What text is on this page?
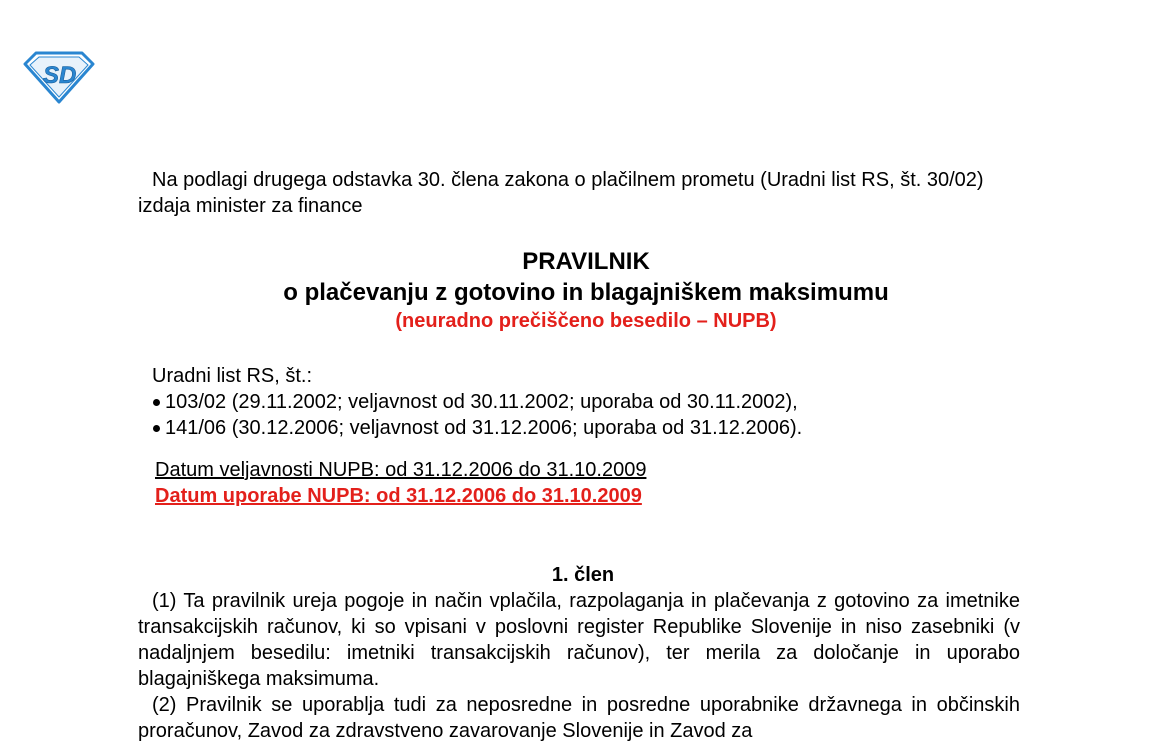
SD

Na podlagi drugega odstavka 30. člena zakona o plačilnem prometu (Uradni list RS, št. 30/02) izdaja minister za finance

PRAVILNIK

o plačevanju z gotovino in blagajniškem maksimumu

(neuradno prečiščeno besedilo – NUPB)

Uradni list RS, št.:

103/02 (29.11.2002; veljavnost od 30.11.2002; uporaba od 30.11.2002),
141/06 (30.12.2006; veljavnost od 31.12.2006; uporaba od 31.12.2006).

Datum veljavnosti NUPB: od 31.12.2006 do 31.10.2009

Datum uporabe NUPB: od 31.12.2006 do 31.10.2009

1. člen

(1) Ta pravilnik ureja pogoje in način vplačila, razpolaganja in plačevanja z gotovino za imetnike transakcijskih računov, ki so vpisani v poslovni register Republike Slovenije in niso zasebniki (v nadaljnjem besedilu: imetniki transakcijskih računov), ter merila za določanje in uporabo blagajniškega maksimuma.

(2) Pravilnik se uporablja tudi za neposredne in posredne uporabnike državnega in občinskih proračunov, Zavod za zdravstveno zavarovanje Slovenije in Zavod za
